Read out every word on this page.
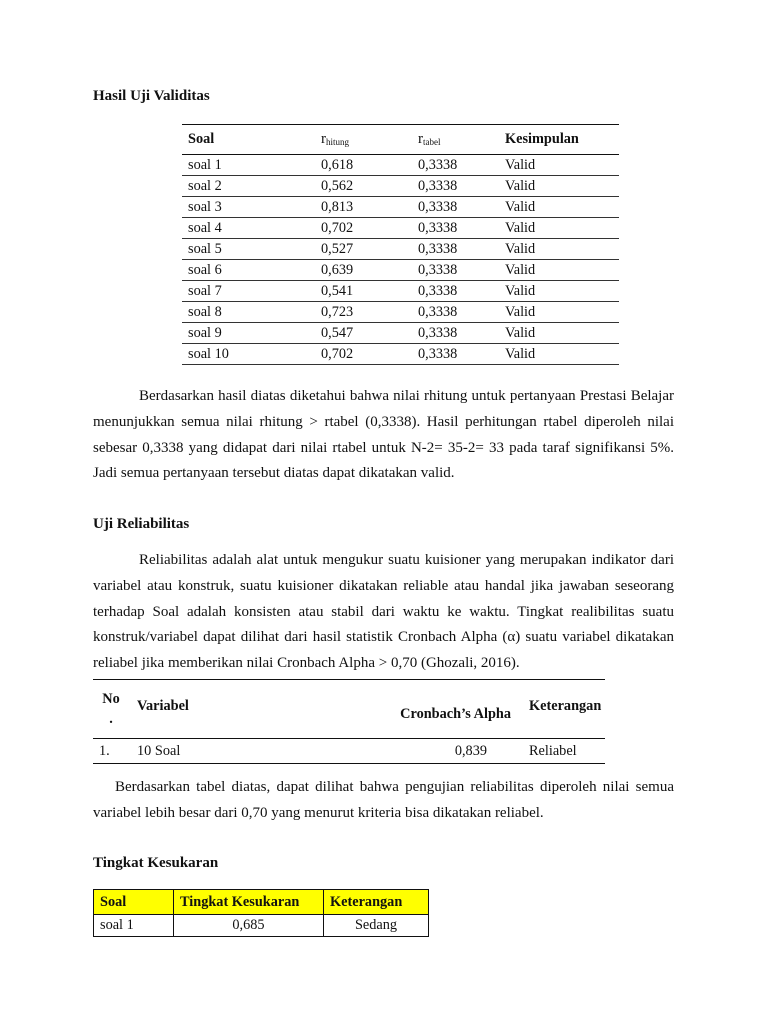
Hasil Uji Validitas
Soal	$r_{hitung}$	$r_{tabel}$	Kesimpulan
soal 1	0,618	0,3338	Valid
soal 2	0,562	0,3338	Valid
soal 3	0,813	0,3338	Valid
soal 4	0,702	0,3338	Valid
soal 5	0,527	0,3338	Valid
soal 6	0,639	0,3338	Valid
soal 7	0,541	0,3338	Valid
soal 8	0,723	0,3338	Valid
soal 9	0,547	0,3338	Valid
soal 10	0,702	0,3338	Valid

Berdasarkan hasil diatas diketahui bahwa nilai rhitung untuk pertanyaan Prestasi Belajar menunjukkan semua nilai rhitung > rtabel (0,3338). Hasil perhitungan rtabel diperoleh nilai sebesar 0,3338 yang didapat dari nilai rtabel untuk N-2= 35-2= 33 pada taraf signifikansi 5%. Jadi semua pertanyaan tersebut diatas dapat dikatakan valid.

Uji Reliabilitas

Reliabilitas adalah alat untuk mengukur suatu kuisioner yang merupakan indikator dari variabel atau konstruk, suatu kuisioner dikatakan reliable atau handal jika jawaban seseorang terhadap Soal adalah konsisten atau stabil dari waktu ke waktu. Tingkat realibilitas suatu konstruk/variabel dapat dilihat dari hasil statistik Cronbach Alpha (α) suatu variabel dikatakan reliabel jika memberikan nilai Cronbach Alpha > 0,70 (Ghozali, 2016).

No
.	Variabel	Cronbach’s Alpha	Keterangan
1.	10 Soal	0,839	Reliabel

Berdasarkan tabel diatas, dapat dilihat bahwa pengujian reliabilitas diperoleh nilai semua variabel lebih besar dari 0,70 yang menurut kriteria bisa dikatakan reliabel.

Tingkat Kesukaran
Soal	Tingkat Kesukaran	Keterangan
soal 1	0,685	Sedang
